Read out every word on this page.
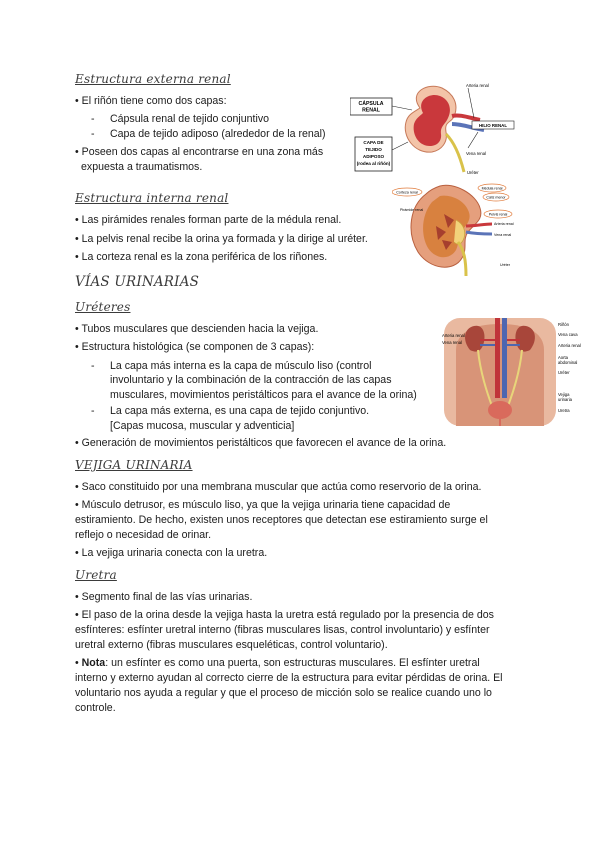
Estructura externa renal
• El riñón tiene como dos capas:
- Cápsula renal de tejido conjuntivo
- Capa de tejido adiposo (alrededor de la renal)
• Poseen dos capas al encontrarse en una zona más
expuesta a traumatismos.
CÁPSULA
RENAL
CAPA DE
TEJIDO
ADIPOSO
(rodea al riñón)
Arteria renal
HILIO RENAL
Vena renal
Uréter
Estructura interna renal
• Las pirámides renales forman parte de la médula renal.
• La pelvis renal recibe la orina ya formada y la dirige al uréter.
• La corteza renal es la zona periférica de los riñones.
Corteza renal
Pirámide renal
Médula renal
Cáliz menor
Pelvis renal
Arteria renal
Vena renal
Uréter
VÍAS URINARIAS
Uréteres
• Tubos musculares que descienden hacia la vejiga.
• Estructura histológica (se componen de 3 capas):
- La capa más interna es la capa de músculo liso (control
involuntario y la combinación de la contracción de las capas
musculares, movimientos peristálticos para el avance de la orina)
- La capa más externa, es una capa de tejido conjuntivo.
[Capas mucosa, muscular y adventicia]
• Generación de movimientos peristálticos que favorecen el avance de la orina.
Arteria renal
Vena renal
Riñón
Vena cava
Arteria renal
Aorta
abdominal
Uréter
Vejiga
urinaria
Uretra
VEJIGA URINARIA
• Saco constituido por una membrana muscular que actúa como reservorio de la orina.
• Músculo detrusor, es músculo liso, ya que la vejiga urinaria tiene capacidad de
estiramiento. De hecho, existen unos receptores que detectan ese estiramiento surge el
reflejo o necesidad de orinar.
• La vejiga urinaria conecta con la uretra.
Uretra
• Segmento final de las vías urinarias.
• El paso de la orina desde la vejiga hasta la uretra está regulado por la presencia de dos
esfínteres: esfínter uretral interno (fibras musculares lisas, control involuntario) y esfínter
uretral externo (fibras musculares esqueléticas, control voluntario).
• Nota: un esfínter es como una puerta, son estructuras musculares. El esfínter uretral
interno y externo ayudan al correcto cierre de la estructura para evitar pérdidas de orina. El
voluntario nos ayuda a regular y que el proceso de micción solo se realice cuando uno lo
controle.
